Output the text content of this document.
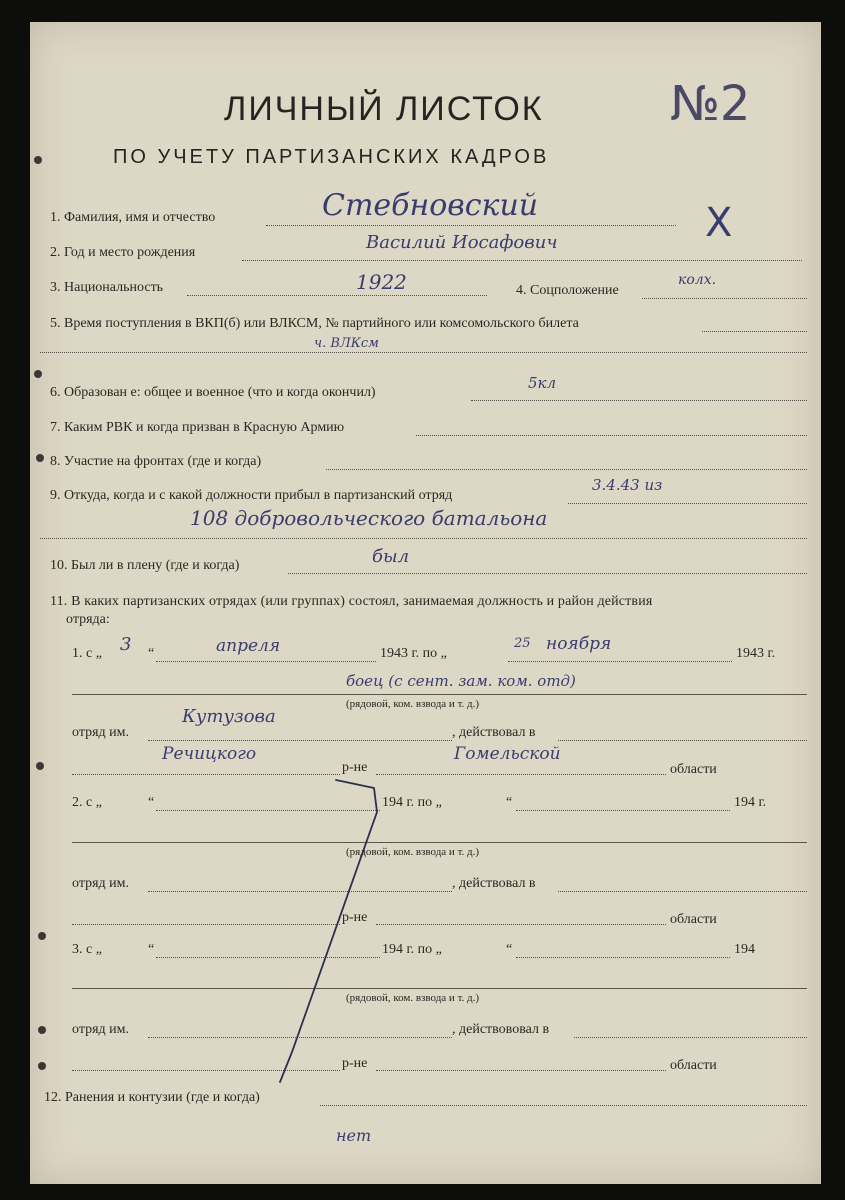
ЛИЧНЫЙ ЛИСТОК
ПО УЧЕТУ ПАРТИЗАНСКИХ КАДРОВ
№2
Х
1. Фамилия, имя и отчество	Стебновский
2. Год и место рождения	Василий Иосафович
3. Национальность	1922	4. Соцположение
колх.
5. Время поступления в ВКП(б) или ВЛКСМ, № партийного или комсомольского билета
ч. ВЛКсм
6. Образован е: общее и военное (что и когда окончил)
5кл
7. Каким РВК и когда призван в Красную Армию
8. Участие на фронтах (где и когда)
9. Откуда, когда и с какой должности прибыл в партизанский отряд
3.4.43 из
108 добровольческого батальона
10. Был ли в плену (где и когда)	был
11. В каких партизанских отрядах (или группах) состоял, занимаемая должность и район действия
отряда:
1. с „ 3 “	апреля	1943 г. по „
25 ноября	1943 г.
боец (с сент. зам. ком. отд)
(рядовой, ком. взвода и т. д.)
отряд им.
Кутузова
, действовал в
Речицкого
р-не
Гомельской
области
2. с „	“	194 г. по „	“	194 г.
(рядовой, ком. взвода и т. д.)
отряд им.	, действовал в
р-не	области
3. с „	“	194 г. по „	“	194
(рядовой, ком. взвода и т. д.)
отряд им.	, действововал в
р-не	области
12. Ранения и контузии (где и когда)
нет
